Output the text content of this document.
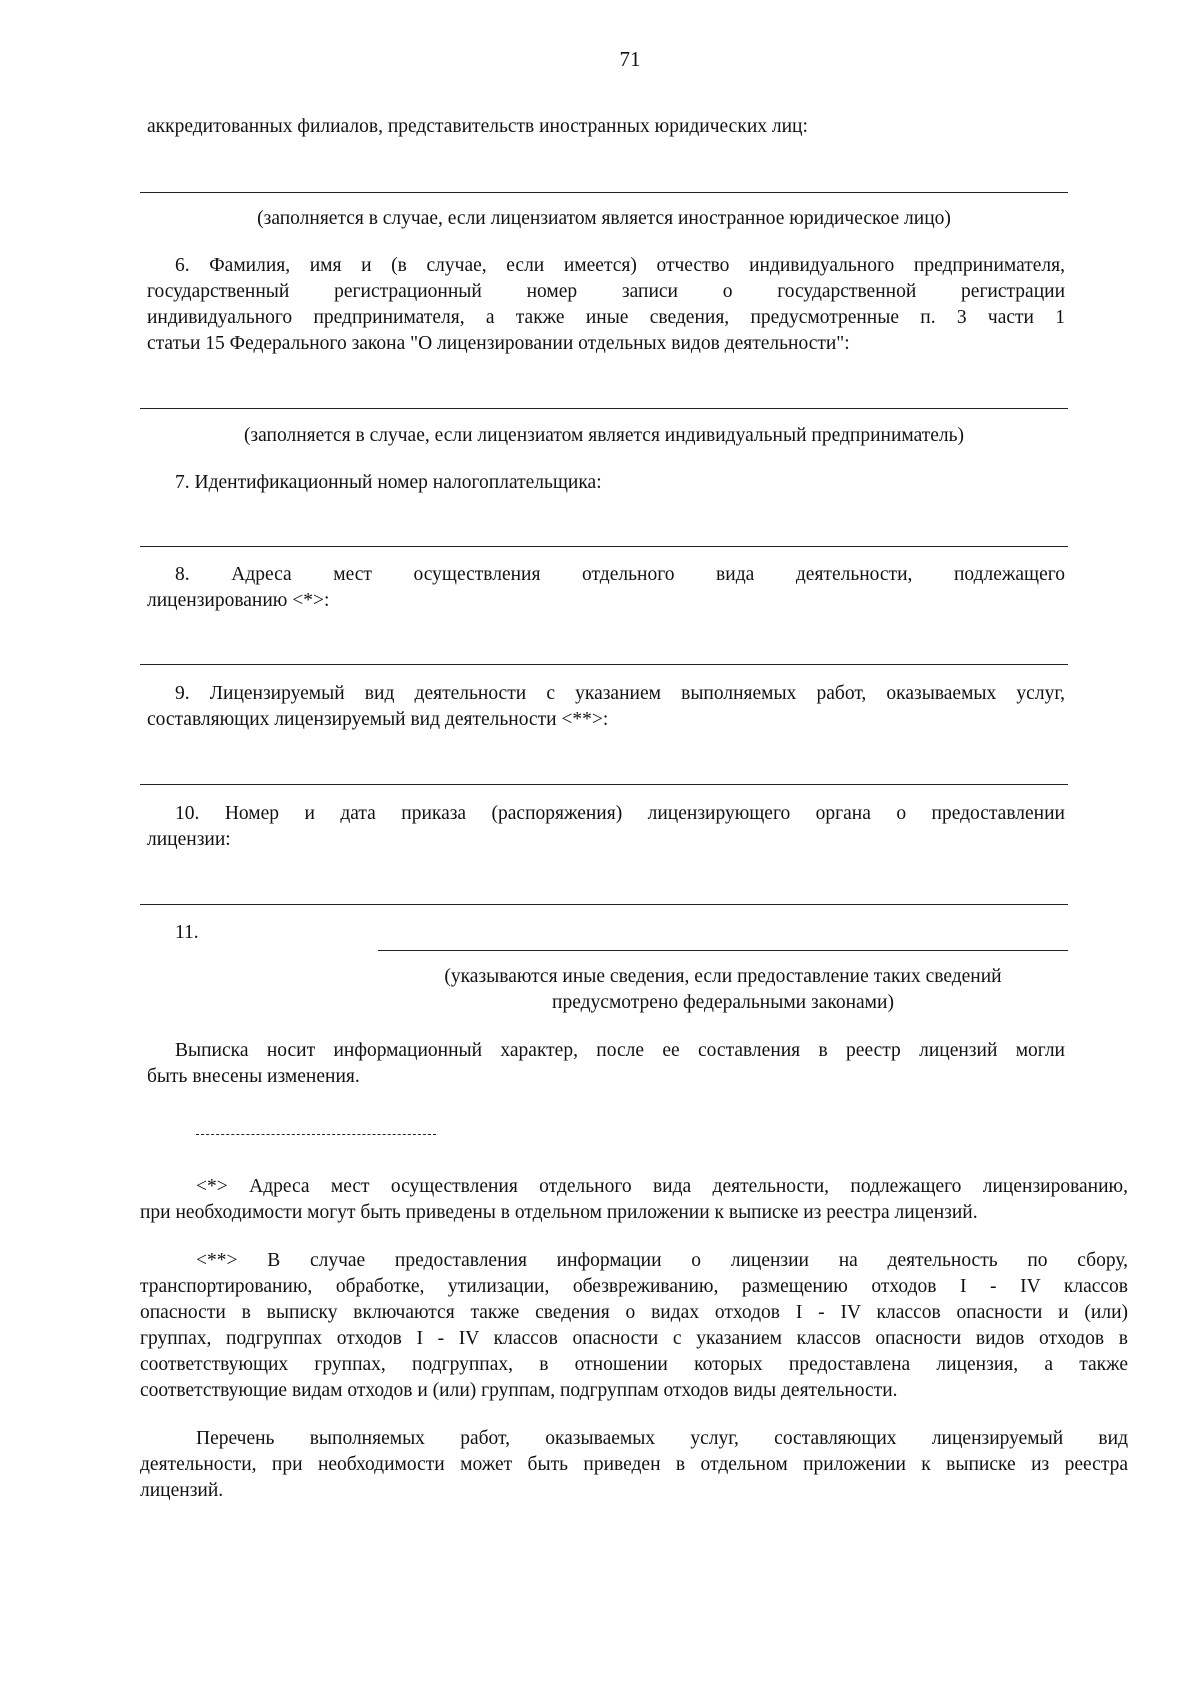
71
аккредитованных филиалов, представительств иностранных юридических лиц:
(заполняется в случае, если лицензиатом является иностранное юридическое лицо)
6. Фамилия, имя и (в случае, если имеется) отчество индивидуального предпринимателя,
государственный регистрационный номер записи о государственной регистрации
индивидуального предпринимателя, а также иные сведения, предусмотренные п. 3 части 1
статьи 15 Федерального закона "О лицензировании отдельных видов деятельности":
(заполняется в случае, если лицензиатом является индивидуальный предприниматель)
7. Идентификационный номер налогоплательщика:
8. Адреса мест осуществления отдельного вида деятельности, подлежащего
лицензированию <*>:
9. Лицензируемый вид деятельности с указанием выполняемых работ, оказываемых услуг,
составляющих лицензируемый вид деятельности <**>:
10. Номер и дата приказа (распоряжения) лицензирующего органа о предоставлении
лицензии:
11.
(указываются иные сведения, если предоставление таких сведений
предусмотрено федеральными законами)
Выписка носит информационный характер, после ее составления в реестр лицензий могли
быть внесены изменения.
<*> Адреса мест осуществления отдельного вида деятельности, подлежащего лицензированию,
при необходимости могут быть приведены в отдельном приложении к выписке из реестра лицензий.
<**> В случае предоставления информации о лицензии на деятельность по сбору,
транспортированию, обработке, утилизации, обезвреживанию, размещению отходов I - IV классов
опасности в выписку включаются также сведения о видах отходов I - IV классов опасности и (или)
группах, подгруппах отходов I - IV классов опасности с указанием классов опасности видов отходов в
соответствующих группах, подгруппах, в отношении которых предоставлена лицензия, а также
соответствующие видам отходов и (или) группам, подгруппам отходов виды деятельности.
Перечень выполняемых работ, оказываемых услуг, составляющих лицензируемый вид
деятельности, при необходимости может быть приведен в отдельном приложении к выписке из реестра
лицензий.
